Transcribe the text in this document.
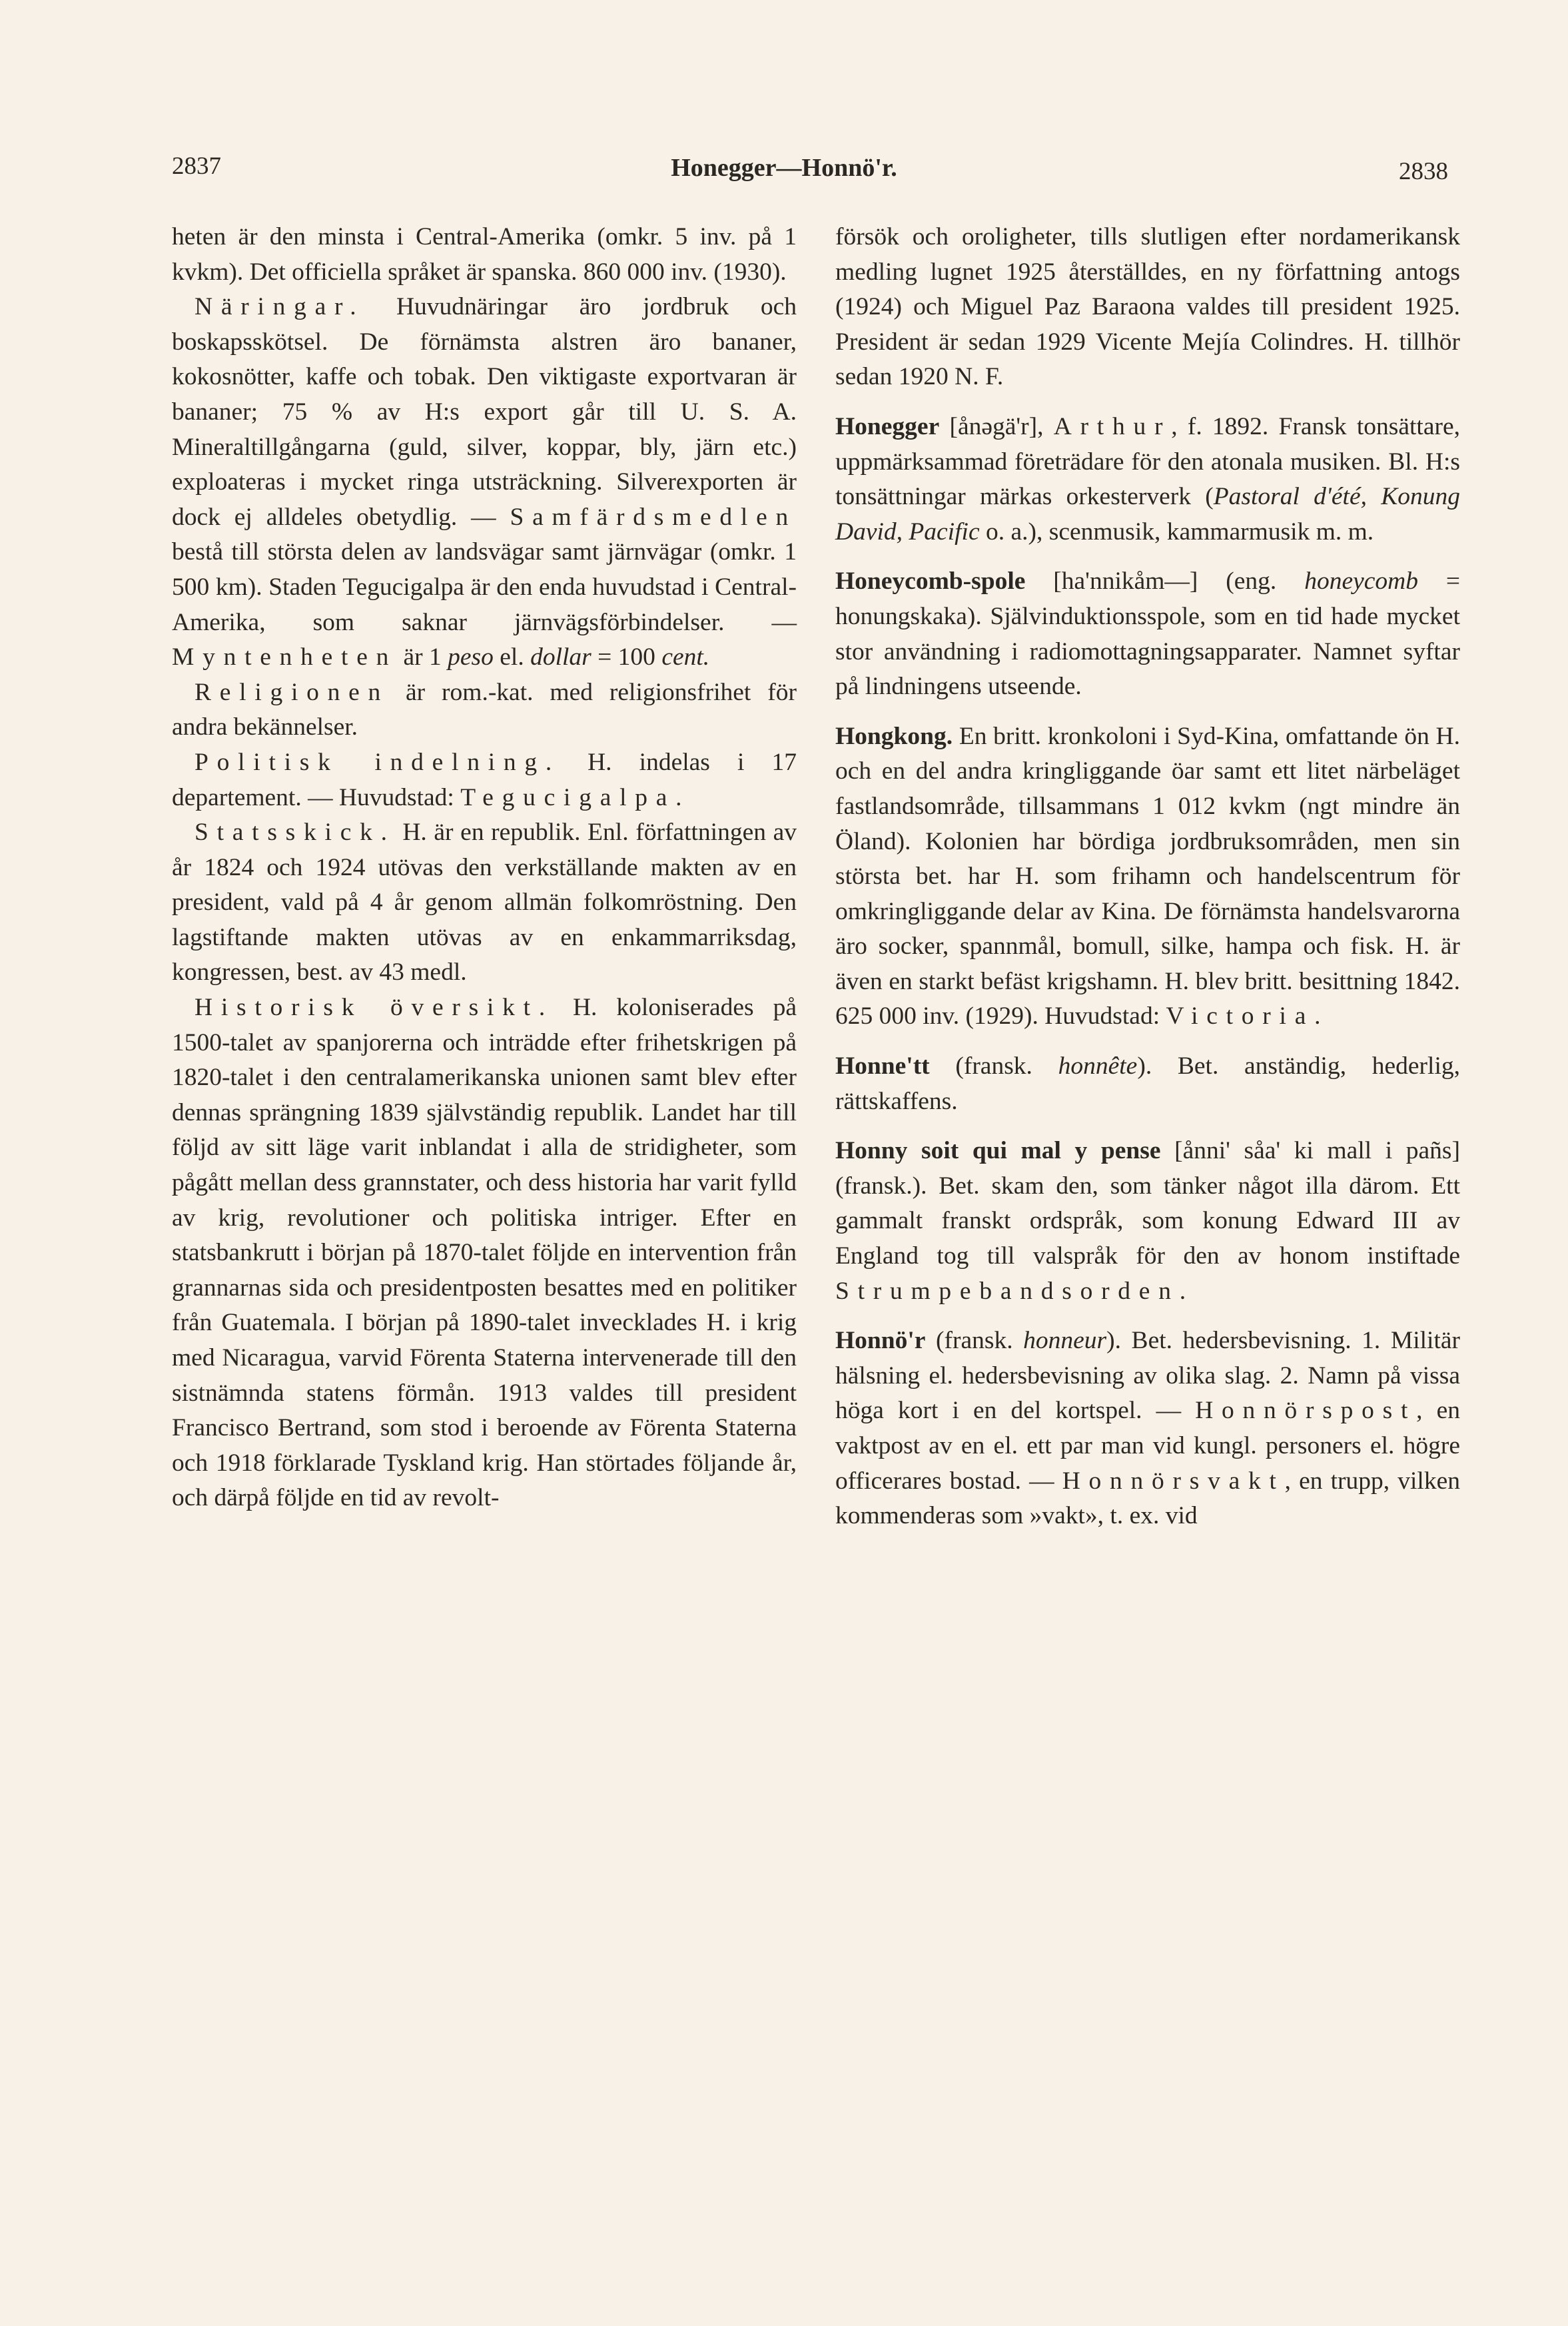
2837	Honegger—Honnö'r.	2838

heten är den minsta i Central-Amerika (omkr. 5 inv. på 1 kvkm). Det officiella språket är spanska. 860 000 inv. (1930).

Näringar. Huvudnäringar äro jordbruk och boskapsskötsel. De förnämsta alstren äro bananer, kokosnötter, kaffe och tobak. Den viktigaste exportvaran är bananer; 75 % av H:s export går till U. S. A. Mineraltillgångarna (guld, silver, koppar, bly, järn etc.) exploateras i mycket ringa utsträckning. Silverexporten är dock ej alldeles obetydlig. — Samfärdsmedlen bestå till största delen av landsvägar samt järnvägar (omkr. 1 500 km). Staden Tegucigalpa är den enda huvudstad i Central-Amerika, som saknar järnvägsförbindelser. — Myntenheten är 1 peso el. dollar = 100 cent.

Religionen är rom.-kat. med religionsfrihet för andra bekännelser.

Politisk indelning. H. indelas i 17 departement. — Huvudstad: Tegucigalpa.

Statsskick. H. är en republik. Enl. författningen av år 1824 och 1924 utövas den verkställande makten av en president, vald på 4 år genom allmän folkomröstning. Den lagstiftande makten utövas av en enkammarriksdag, kongressen, best. av 43 medl.

Historisk översikt. H. koloniserades på 1500-talet av spanjorerna och inträdde efter frihetskrigen på 1820-talet i den centralamerikanska unionen samt blev efter dennas sprängning 1839 självständig republik. Landet har till följd av sitt läge varit inblandat i alla de stridigheter, som pågått mellan dess grannstater, och dess historia har varit fylld av krig, revolutioner och politiska intriger. Efter en statsbankrutt i början på 1870-talet följde en intervention från grannarnas sida och presidentposten besattes med en politiker från Guatemala. I början på 1890-talet invecklades H. i krig med Nicaragua, varvid Förenta Staterna intervenerade till den sistnämnda statens förmån. 1913 valdes till president Francisco Bertrand, som stod i beroende av Förenta Staterna och 1918 förklarade Tyskland krig. Han störtades följande år, och därpå följde en tid av revolt-

försök och oroligheter, tills slutligen efter nordamerikansk medling lugnet 1925 återställdes, en ny författning antogs (1924) och Miguel Paz Baraona valdes till president 1925. President är sedan 1929 Vicente Mejía Colindres. H. tillhör sedan 1920 N. F.

Honegger [ånəgä'r], Arthur, f. 1892. Fransk tonsättare, uppmärksammad företrädare för den atonala musiken. Bl. H:s tonsättningar märkas orkesterverk (Pastoral d'été, Konung David, Pacific o. a.), scenmusik, kammarmusik m. m.

Honeycomb-spole [ha'nnikåm—] (eng. honeycomb = honungskaka). Självinduktionsspole, som en tid hade mycket stor användning i radiomottagningsapparater. Namnet syftar på lindningens utseende.

Hongkong. En britt. kronkoloni i Syd-Kina, omfattande ön H. och en del andra kringliggande öar samt ett litet närbeläget fastlandsområde, tillsammans 1 012 kvkm (ngt mindre än Öland). Kolonien har bördiga jordbruksområden, men sin största bet. har H. som frihamn och handelscentrum för omkringliggande delar av Kina. De förnämsta handelsvarorna äro socker, spannmål, bomull, silke, hampa och fisk. H. är även en starkt befäst krigshamn. H. blev britt. besittning 1842. 625 000 inv. (1929). Huvudstad: Victoria.

Honne'tt (fransk. honnête). Bet. anständig, hederlig, rättskaffens.

Honny soit qui mal y pense [ånni' såa' ki mall i pañs] (fransk.). Bet. skam den, som tänker något illa därom. Ett gammalt franskt ordspråk, som konung Edward III av England tog till valspråk för den av honom instiftade Strumpebandsorden.

Honnö'r (fransk. honneur). Bet. hedersbevisning. 1. Militär hälsning el. hedersbevisning av olika slag. 2. Namn på vissa höga kort i en del kortspel. — Honnörspost, en vaktpost av en el. ett par man vid kungl. personers el. högre officerares bostad. — Honnörsvakt, en trupp, vilken kommenderas som »vakt», t. ex. vid
